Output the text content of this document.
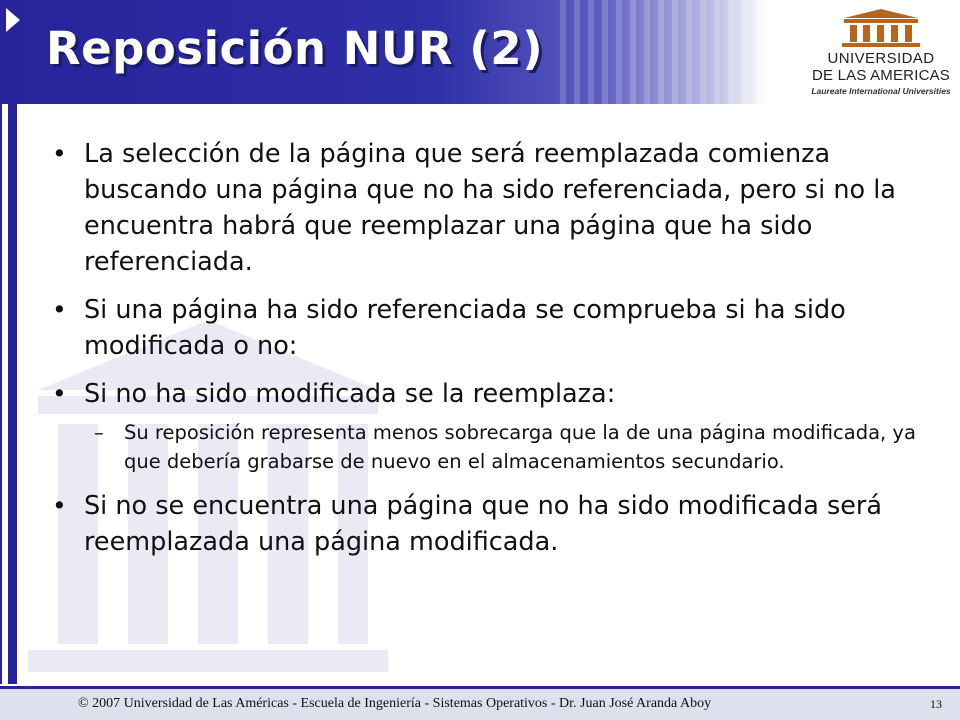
Reposición NUR (2)	UNIVERSIDAD
DE LAS AMERICAS
Laureate International Universities

• La selección de la página que será reemplazada comienza buscando una página que no ha sido referenciada, pero si no la encuentra habrá que reemplazar una página que ha sido referenciada.

• Si una página ha sido referenciada se comprueba si ha sido modificada o no:

• Si no ha sido modificada se la reemplaza:

– Su reposición representa menos sobrecarga que la de una página modificada, ya que debería grabarse de nuevo en el almacenamientos secundario.

• Si no se encuentra una página que no ha sido modificada será reemplazada una página modificada.

© 2007 Universidad de Las Américas - Escuela de Ingeniería - Sistemas Operativos - Dr. Juan José Aranda Aboy	13
